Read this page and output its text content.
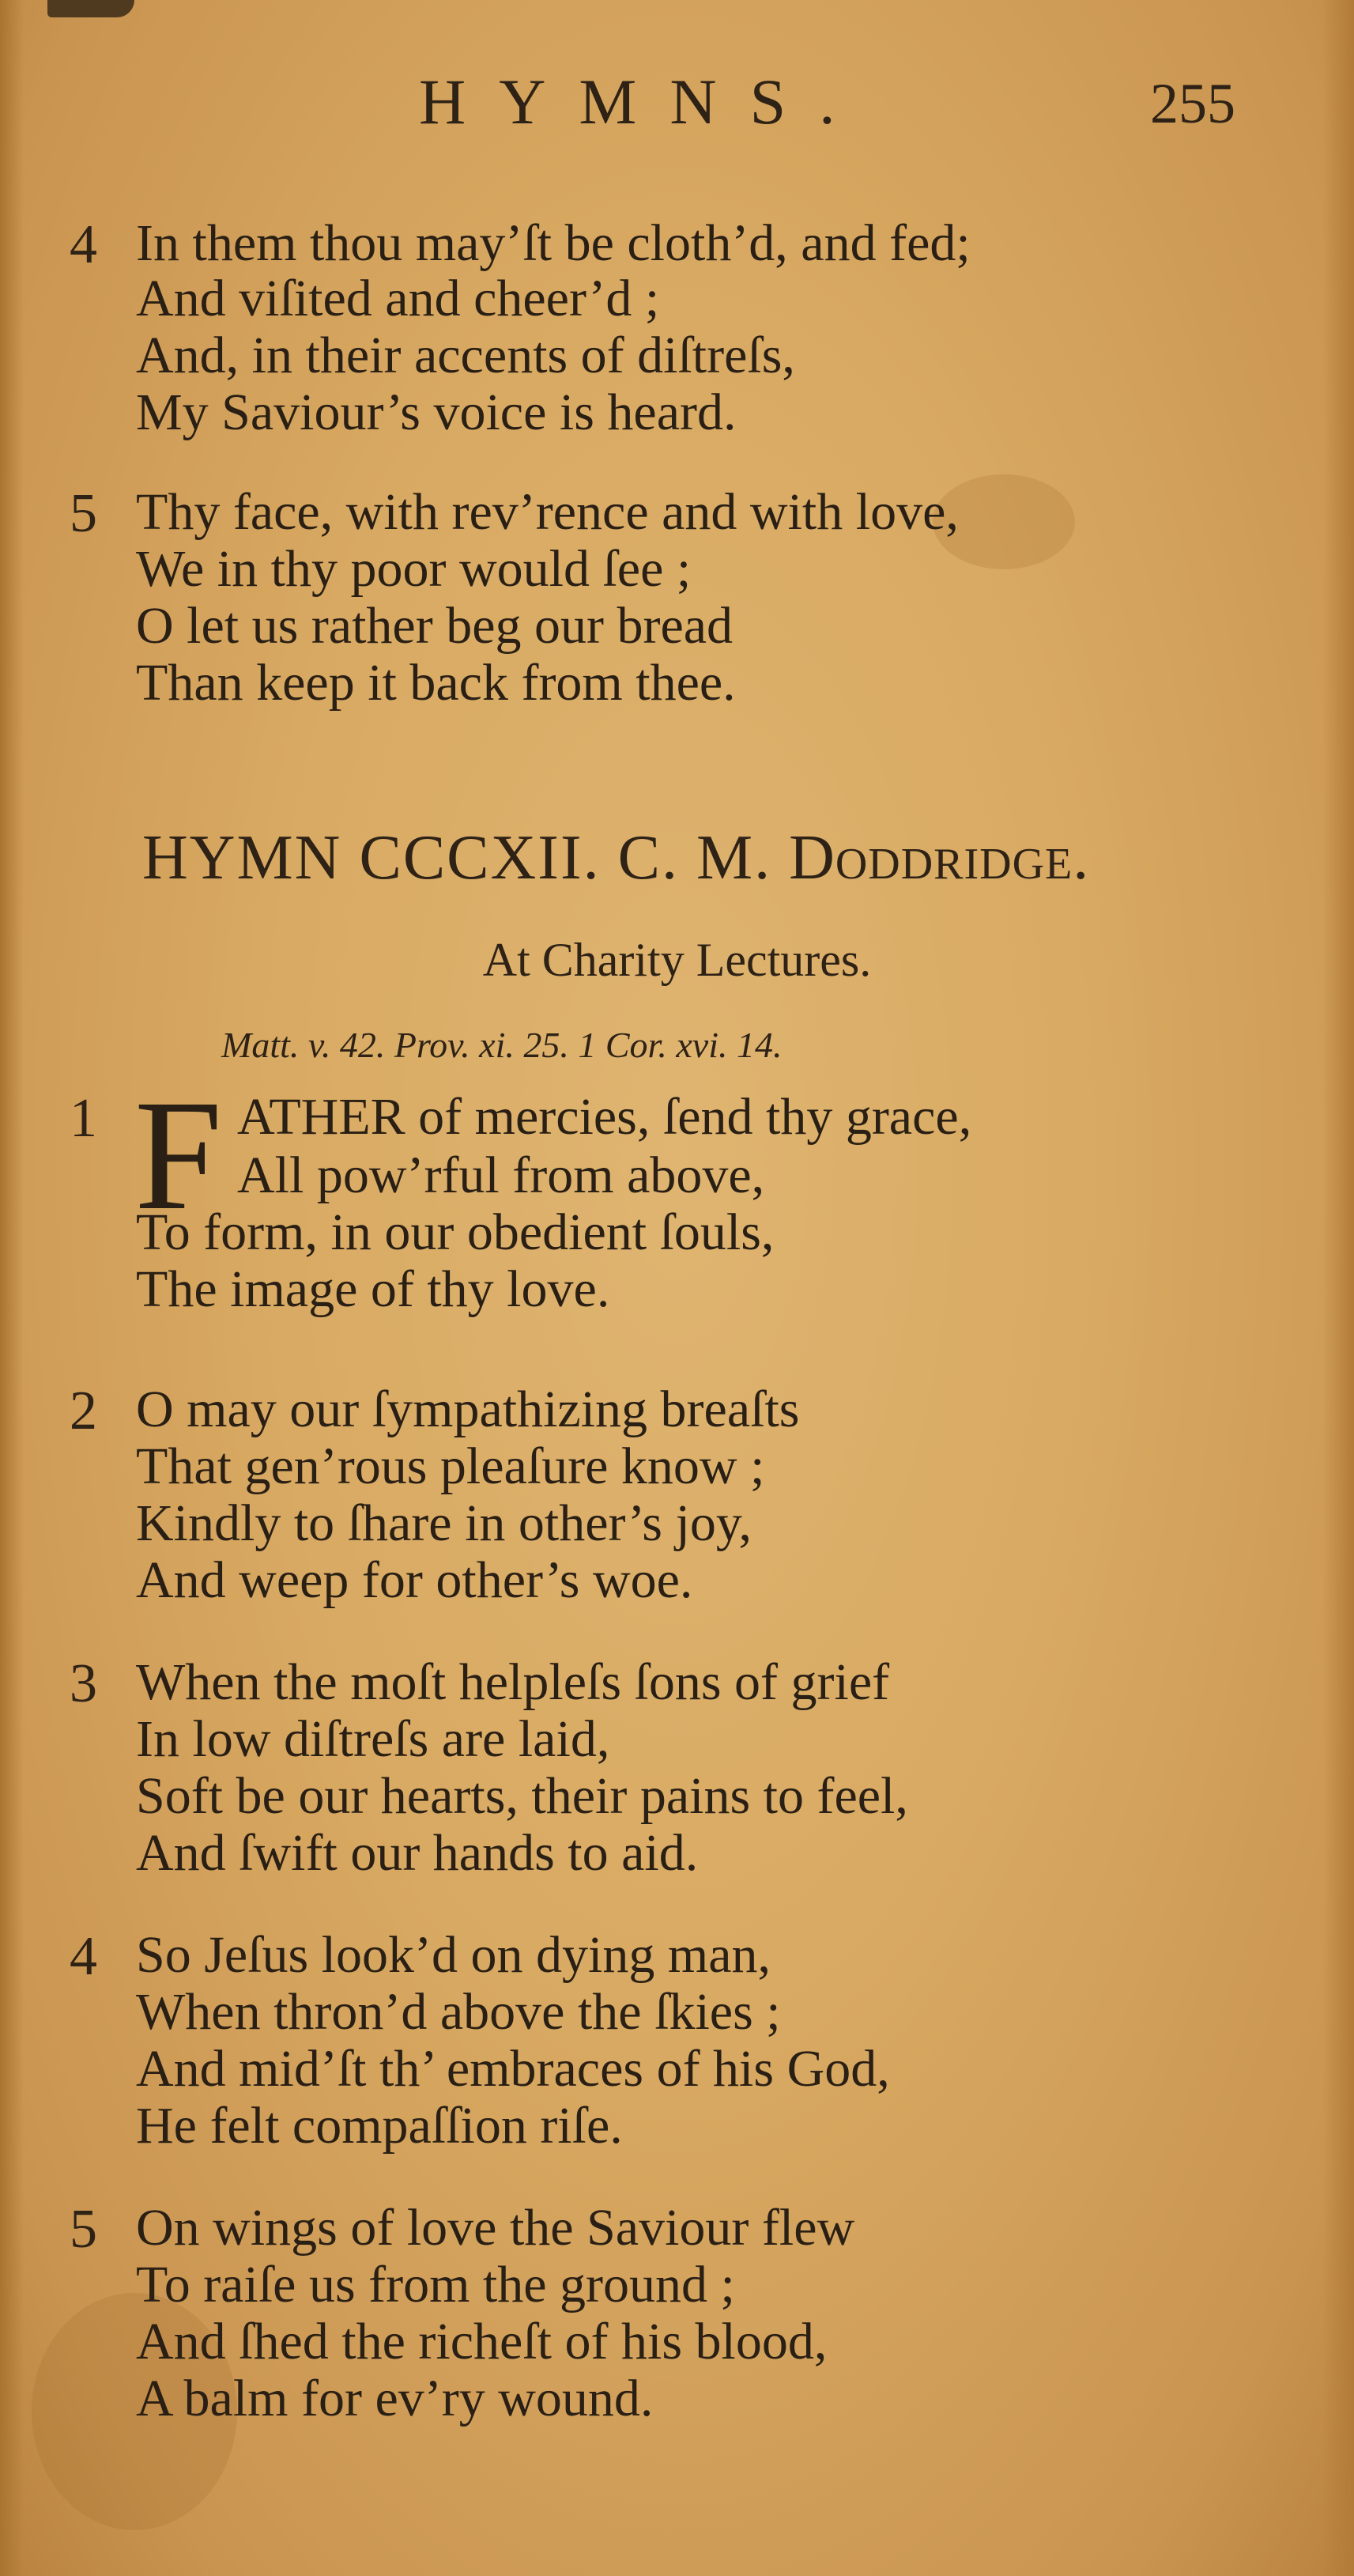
HYMNS.	255
4 In them thou may’ſt be cloth’d, and fed;
And viſited and cheer’d ;
And, in their accents of diſtreſs,
My Saviour’s voice is heard.
5 Thy face, with rev’rence and with love,
We in thy poor would ſee ;
O let us rather beg our bread
Than keep it back from thee.
HYMN CCCXII. C. M. Doddridge.
At Charity Lectures.
Matt. v. 42. Prov. xi. 25. 1 Cor. xvi. 14.
1 F ATHER of mercies, ſend thy grace,
All pow’rful from above,
To form, in our obedient ſouls,
The image of thy love.
2 O may our ſympathizing breaſts
That gen’rous pleaſure know ;
Kindly to ſhare in other’s joy,
And weep for other’s woe.
3 When the moſt helpleſs ſons of grief
In low diſtreſs are laid,
Soft be our hearts, their pains to feel,
And ſwift our hands to aid.
4 So Jeſus look’d on dying man,
When thron’d above the ſkies ;
And mid’ſt th’ embraces of his God,
He felt compaſſion riſe.
5 On wings of love the Saviour flew
To raiſe us from the ground ;
And ſhed the richeſt of his blood,
A balm for ev’ry wound.
